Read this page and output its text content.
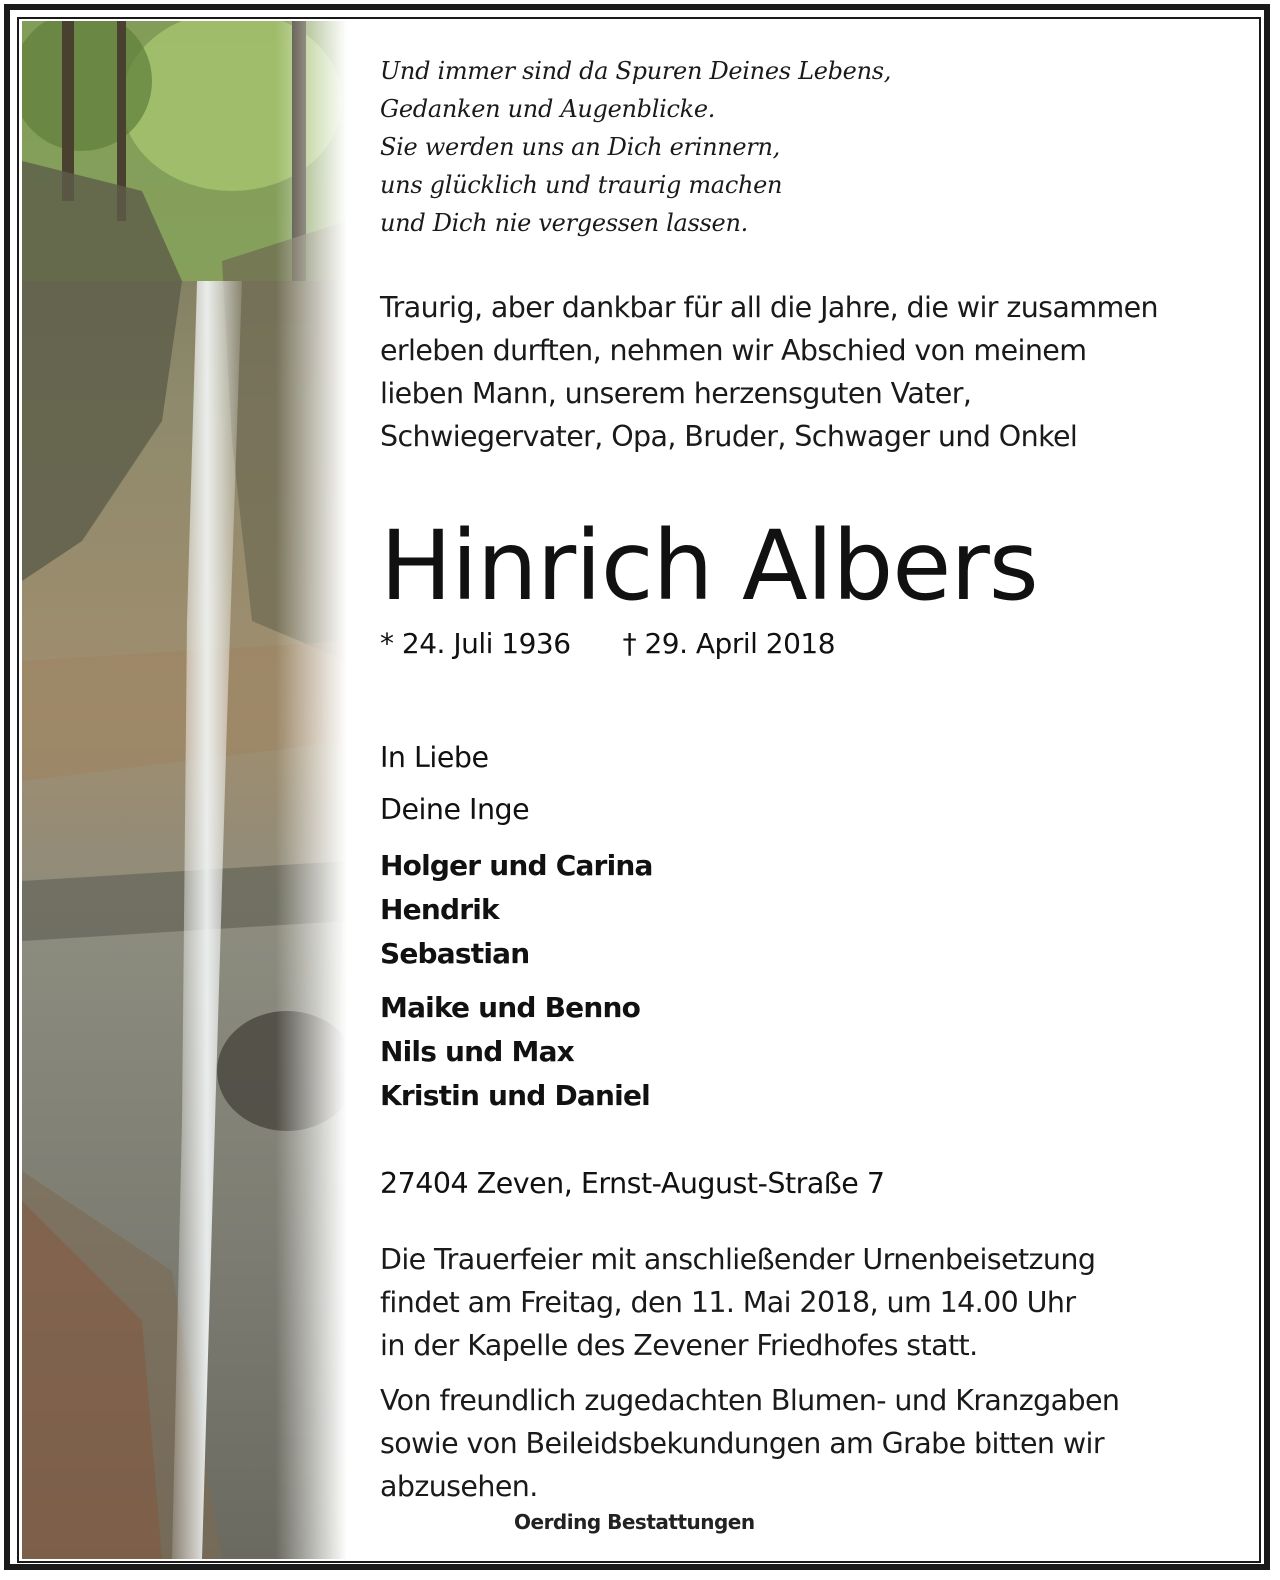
Und immer sind da Spuren Deines Lebens,
Gedanken und Augenblicke.
Sie werden uns an Dich erinnern,
uns glücklich und traurig machen
und Dich nie vergessen lassen.
Traurig, aber dankbar für all die Jahre, die wir zusammen
erleben durften, nehmen wir Abschied von meinem
lieben Mann, unserem herzensguten Vater,
Schwiegervater, Opa, Bruder, Schwager und Onkel
Hinrich Albers
* 24. Juli 1936 † 29. April 2018
In Liebe
Deine Inge
Holger und Carina
Hendrik
Sebastian
Maike und Benno
Nils und Max
Kristin und Daniel
27404 Zeven, Ernst-August-Straße 7
Die Trauerfeier mit anschließender Urnenbeisetzung
findet am Freitag, den 11. Mai 2018, um 14.00 Uhr
in der Kapelle des Zevener Friedhofes statt.
Von freundlich zugedachten Blumen- und Kranzgaben
sowie von Beileidsbekundungen am Grabe bitten wir
abzusehen.
Oerding Bestattungen
